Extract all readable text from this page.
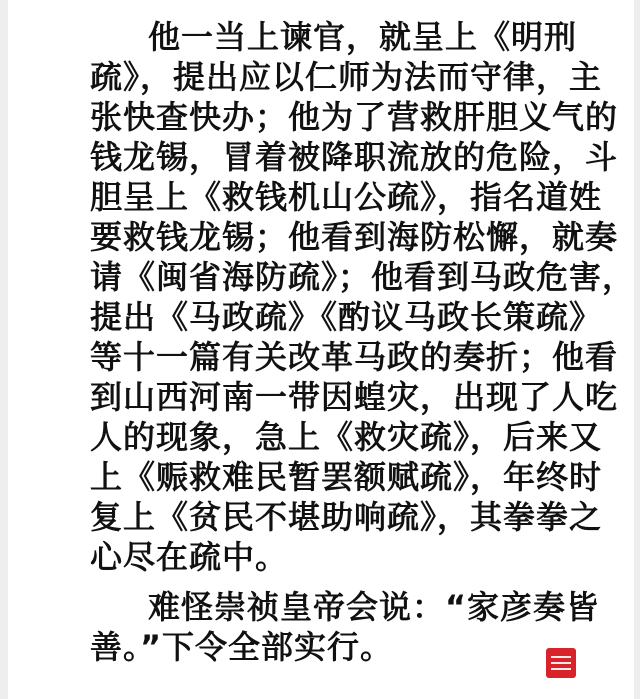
他一当上谏官，就呈上《明刑
疏》，提出应以仁师为法而守律，主
张快查快办；他为了营救肝胆义气的
钱龙锡，冒着被降职流放的危险，斗
胆呈上《救钱机山公疏》，指名道姓
要救钱龙锡；他看到海防松懈，就奏
请《闽省海防疏》；他看到马政危害，
提出《马政疏》《酌议马政长策疏》
等十一篇有关改革马政的奏折；他看
到山西河南一带因蝗灾，出现了人吃
人的现象，急上《救灾疏》，后来又
上《赈救难民暂罢额赋疏》，年终时
复上《贫民不堪助响疏》，其拳拳之
心尽在疏中。
难怪崇祯皇帝会说：“家彦奏皆
善。”下令全部实行。
